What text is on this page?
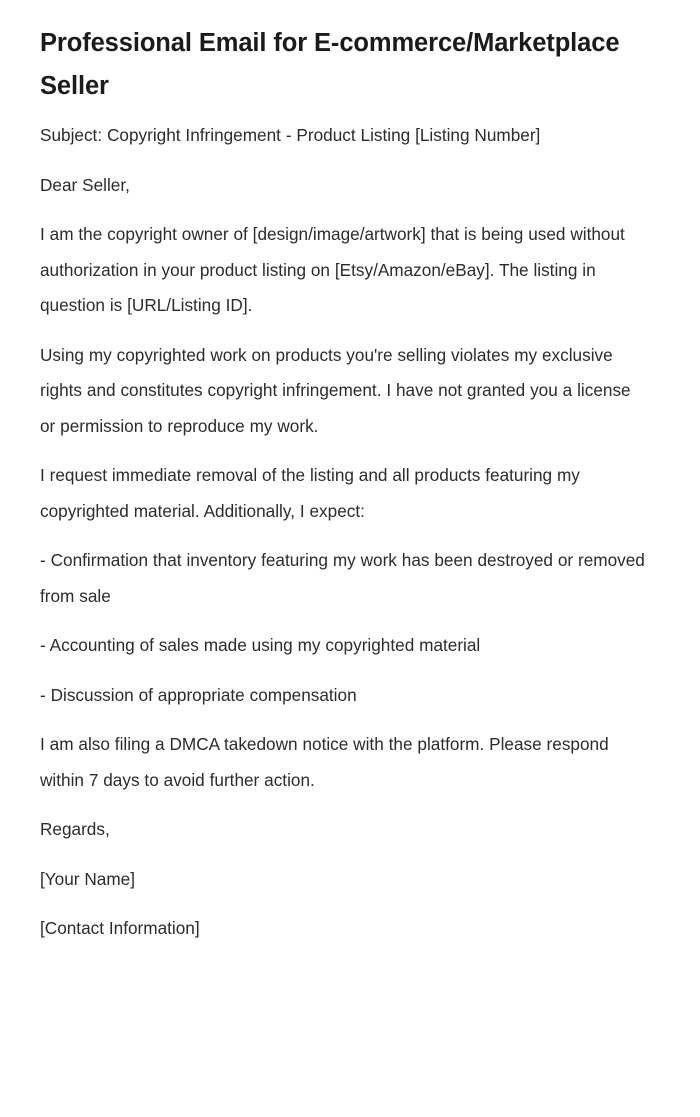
Professional Email for E-commerce/Marketplace Seller

Subject: Copyright Infringement - Product Listing [Listing Number]

Dear Seller,

I am the copyright owner of [design/image/artwork] that is being used without authorization in your product listing on [Etsy/Amazon/eBay]. The listing in question is [URL/Listing ID].

Using my copyrighted work on products you're selling violates my exclusive rights and constitutes copyright infringement. I have not granted you a license or permission to reproduce my work.

I request immediate removal of the listing and all products featuring my copyrighted material. Additionally, I expect:

- Confirmation that inventory featuring my work has been destroyed or removed from sale

- Accounting of sales made using my copyrighted material

- Discussion of appropriate compensation

I am also filing a DMCA takedown notice with the platform. Please respond within 7 days to avoid further action.

Regards,

[Your Name]

[Contact Information]
